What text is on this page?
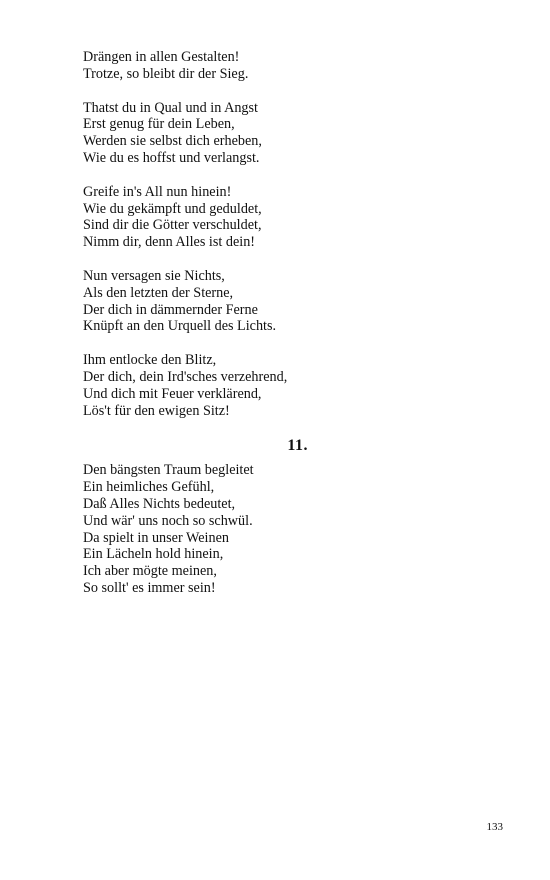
Drängen in allen Gestalten!
Trotze, so bleibt dir der Sieg.
Thatst du in Qual und in Angst
Erst genug für dein Leben,
Werden sie selbst dich erheben,
Wie du es hoffst und verlangst.
Greife in's All nun hinein!
Wie du gekämpft und geduldet,
Sind dir die Götter verschuldet,
Nimm dir, denn Alles ist dein!
Nun versagen sie Nichts,
Als den letzten der Sterne,
Der dich in dämmernder Ferne
Knüpft an den Urquell des Lichts.
Ihm entlocke den Blitz,
Der dich, dein Ird'sches verzehrend,
Und dich mit Feuer verklärend,
Lös't für den ewigen Sitz!
11.
Den bängsten Traum begleitet
Ein heimliches Gefühl,
Daß Alles Nichts bedeutet,
Und wär' uns noch so schwül.
Da spielt in unser Weinen
Ein Lächeln hold hinein,
Ich aber mögte meinen,
So sollt' es immer sein!
133
